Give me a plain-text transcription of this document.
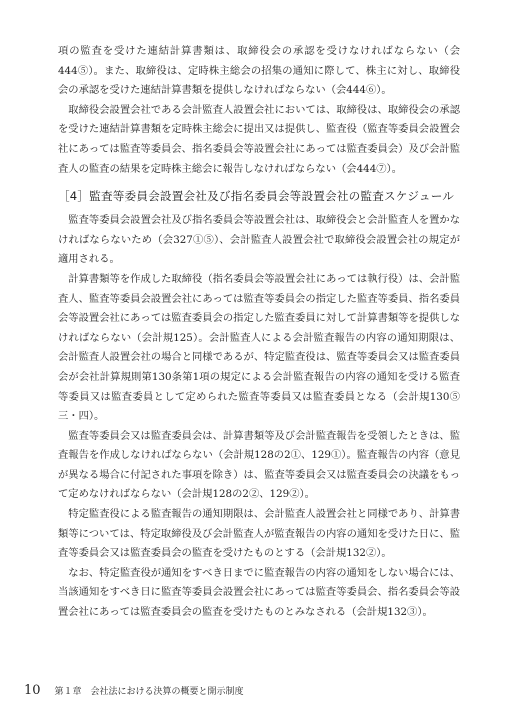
項の監査を受けた連結計算書類は、取締役会の承認を受けなければならない（会444⑤）。また、取締役は、定時株主総会の招集の通知に際して、株主に対し、取締役会の承認を受けた連結計算書類を提供しなければならない（会444⑥）。

取締役会設置会社である会計監査人設置会社においては、取締役は、取締役会の承認を受けた連結計算書類を定時株主総会に提出又は提供し、監査役（監査等委員会設置会社にあっては監査等委員会、指名委員会等設置会社にあっては監査委員会）及び会計監査人の監査の結果を定時株主総会に報告しなければならない（会444⑦）。

［4］監査等委員会設置会社及び指名委員会等設置会社の監査スケジュール

監査等委員会設置会社及び指名委員会等設置会社は、取締役会と会計監査人を置かなければならないため（会327①⑤）、会計監査人設置会社で取締役会設置会社の規定が適用される。

計算書類等を作成した取締役（指名委員会等設置会社にあっては執行役）は、会計監査人、監査等委員会設置会社にあっては監査等委員会の指定した監査等委員、指名委員会等設置会社にあっては監査委員会の指定した監査委員に対して計算書類等を提供しなければならない（会計規125）。会計監査人による会計監査報告の内容の通知期限は、会計監査人設置会社の場合と同様であるが、特定監査役は、監査等委員会又は監査委員会が会社計算規則第130条第1項の規定による会計監査報告の内容の通知を受ける監査等委員又は監査委員として定められた監査等委員又は監査委員となる（会計規130⑤三・四）。

監査等委員会又は監査委員会は、計算書類等及び会計監査報告を受領したときは、監査報告を作成しなければならない（会計規128の2①、129①）。監査報告の内容（意見が異なる場合に付記された事項を除き）は、監査等委員会又は監査委員会の決議をもって定めなければならない（会計規128の2②、129②）。

特定監査役による監査報告の通知期限は、会計監査人設置会社と同様であり、計算書類等については、特定取締役及び会計監査人が監査報告の内容の通知を受けた日に、監査等委員会又は監査委員会の監査を受けたものとする（会計規132②）。

なお、特定監査役が通知をすべき日までに監査報告の内容の通知をしない場合には、当該通知をすべき日に監査等委員会設置会社にあっては監査等委員会、指名委員会等設置会社にあっては監査委員会の監査を受けたものとみなされる（会計規132③）。

10 第１章　会社法における決算の概要と開示制度
